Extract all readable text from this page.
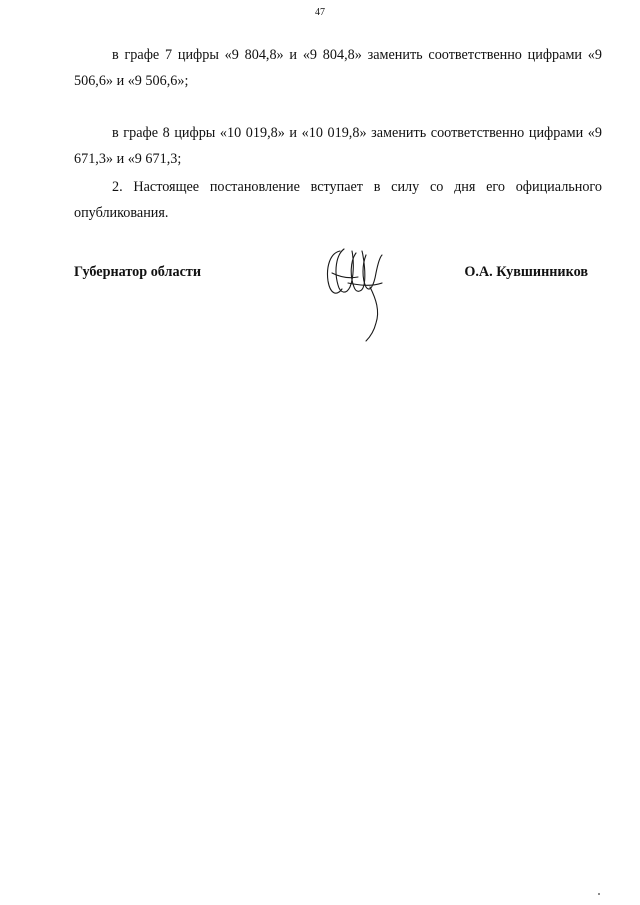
47

в графе 7 цифры «9 804,8» и «9 804,8» заменить соответственно цифрами «9 506,6» и «9 506,6»;

в графе 8 цифры «10 019,8» и «10 019,8» заменить соответственно цифрами «9 671,3» и «9 671,3;

2. Настоящее постановление вступает в силу со дня его официального опубликования.

Губернатор области	О.А. Кувшинников
